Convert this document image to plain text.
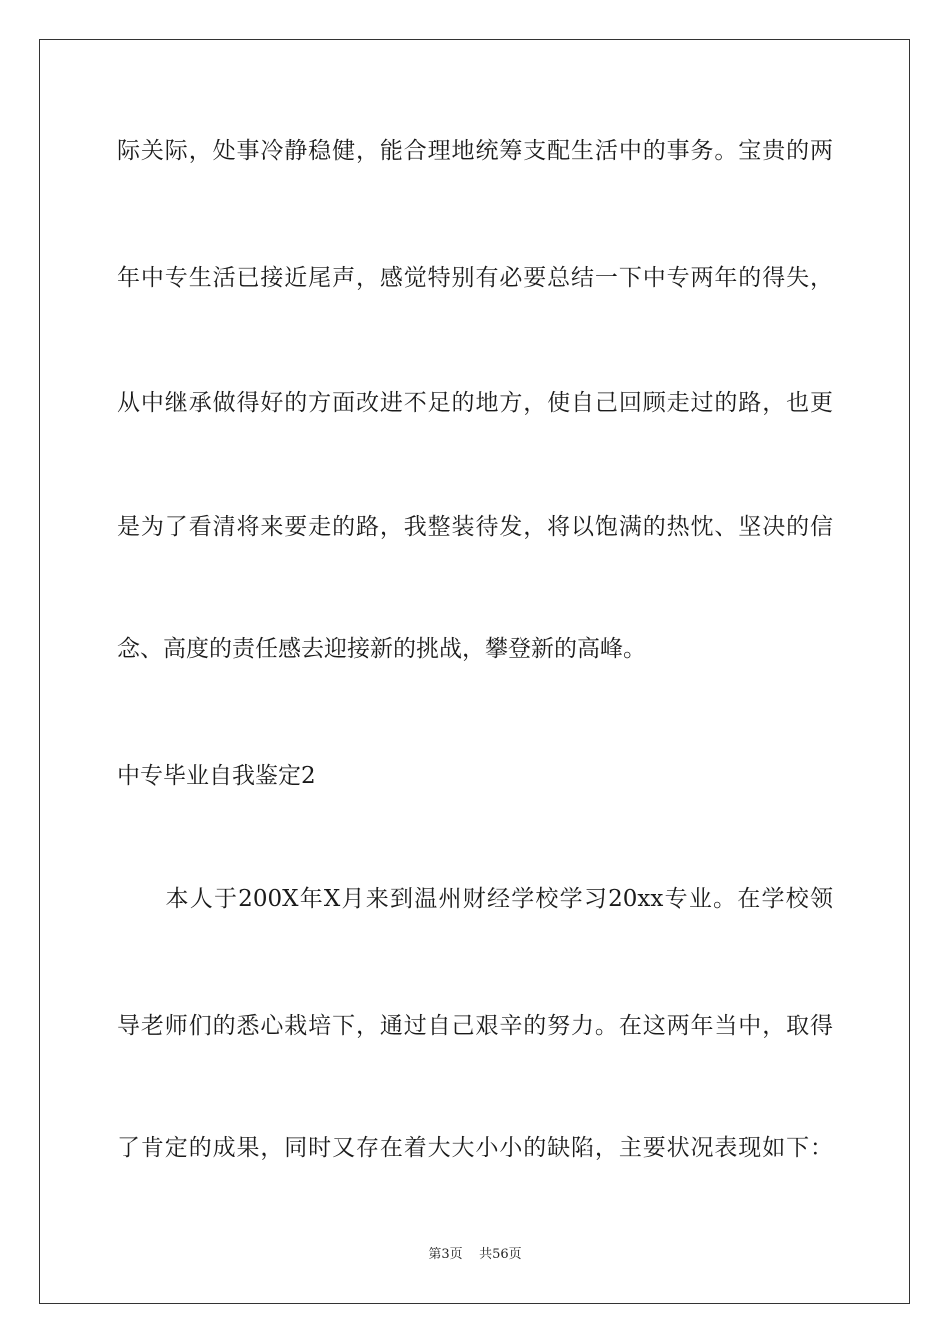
际关际，处事冷静稳健，能合理地统筹支配生活中的事务。宝贵的两
年中专生活已接近尾声，感觉特别有必要总结一下中专两年的得失，
从中继承做得好的方面改进不足的地方，使自己回顾走过的路，也更
是为了看清将来要走的路，我整装待发，将以饱满的热忱、坚决的信
念、高度的责任感去迎接新的挑战，攀登新的高峰。
中专毕业自我鉴定2
　　本人于200X年X月来到温州财经学校学习20xx专业。在学校领
导老师们的悉心栽培下，通过自己艰辛的努力。在这两年当中，取得
了肯定的成果，同时又存在着大大小小的缺陷，主要状况表现如下：
第3页 共56页
